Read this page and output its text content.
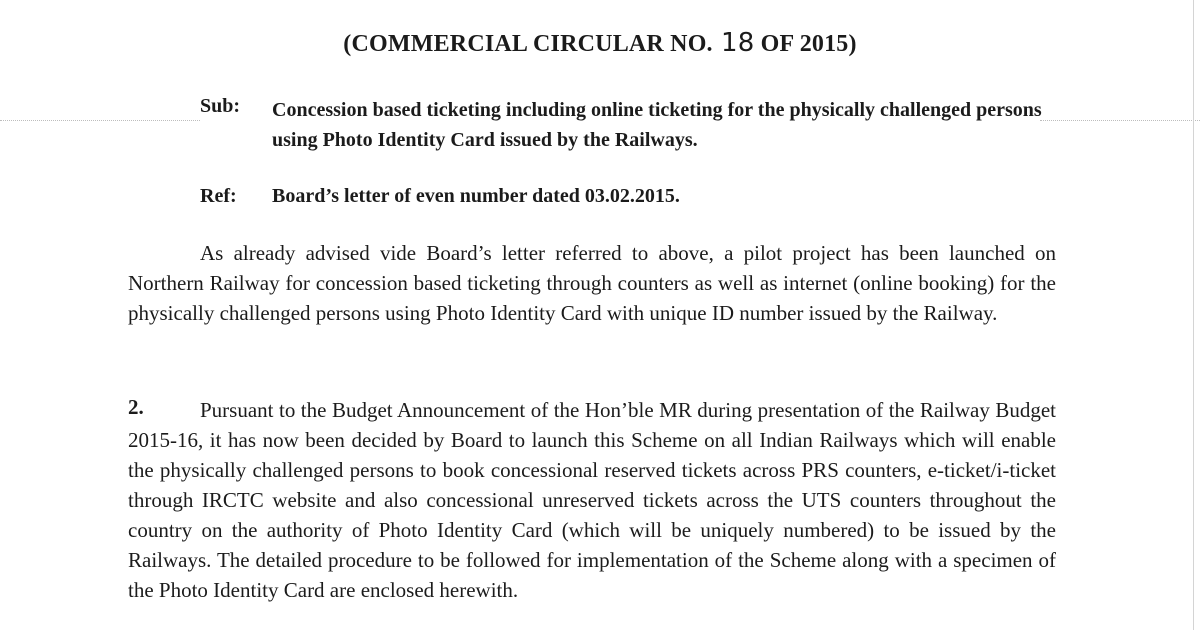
(COMMERCIAL CIRCULAR NO. 18 OF 2015)
Sub: Concession based ticketing including online ticketing for the physically challenged persons using Photo Identity Card issued by the Railways.
Ref: Board’s letter of even number dated 03.02.2015.
As already advised vide Board’s letter referred to above, a pilot project has been launched on Northern Railway for concession based ticketing through counters as well as internet (online booking) for the physically challenged persons using Photo Identity Card with unique ID number issued by the Railway.
2.	Pursuant to the Budget Announcement of the Hon’ble MR during presentation of the Railway Budget 2015-16, it has now been decided by Board to launch this Scheme on all Indian Railways which will enable the physically challenged persons to book concessional reserved tickets across PRS counters, e-ticket/i-ticket through IRCTC website and also concessional unreserved tickets across the UTS counters throughout the country on the authority of Photo Identity Card (which will be uniquely numbered) to be issued by the Railways. The detailed procedure to be followed for implementation of the Scheme along with a specimen of the Photo Identity Card are enclosed herewith.
